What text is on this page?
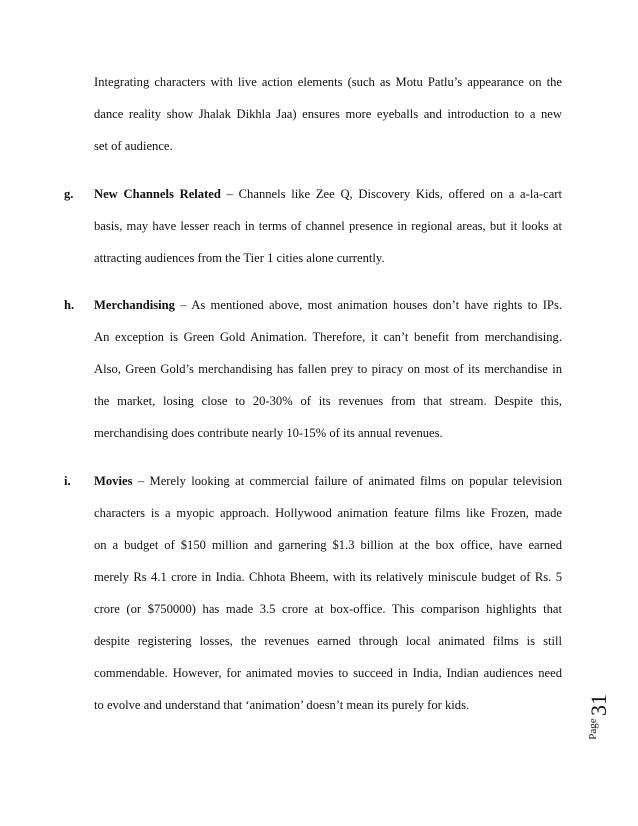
Integrating characters with live action elements (such as Motu Patlu’s appearance on the
dance reality show Jhalak Dikhla Jaa) ensures more eyeballs and introduction to a new
set of audience.
g. New Channels Related – Channels like Zee Q, Discovery Kids, offered on a a-la-cart
basis, may have lesser reach in terms of channel presence in regional areas, but it looks at
attracting audiences from the Tier 1 cities alone currently.
h. Merchandising – As mentioned above, most animation houses don’t have rights to IPs.
An exception is Green Gold Animation. Therefore, it can’t benefit from merchandising.
Also, Green Gold’s merchandising has fallen prey to piracy on most of its merchandise in
the market, losing close to 20-30% of its revenues from that stream. Despite this,
merchandising does contribute nearly 10-15% of its annual revenues.
i. Movies – Merely looking at commercial failure of animated films on popular television
characters is a myopic approach. Hollywood animation feature films like Frozen, made
on a budget of $150 million and garnering $1.3 billion at the box office, have earned
merely Rs 4.1 crore in India. Chhota Bheem, with its relatively miniscule budget of Rs. 5
crore (or $750000) has made 3.5 crore at box-office. This comparison highlights that
despite registering losses, the revenues earned through local animated films is still
commendable. However, for animated movies to succeed in India, Indian audiences need
to evolve and understand that ‘animation’ doesn’t mean its purely for kids.	31
Page
